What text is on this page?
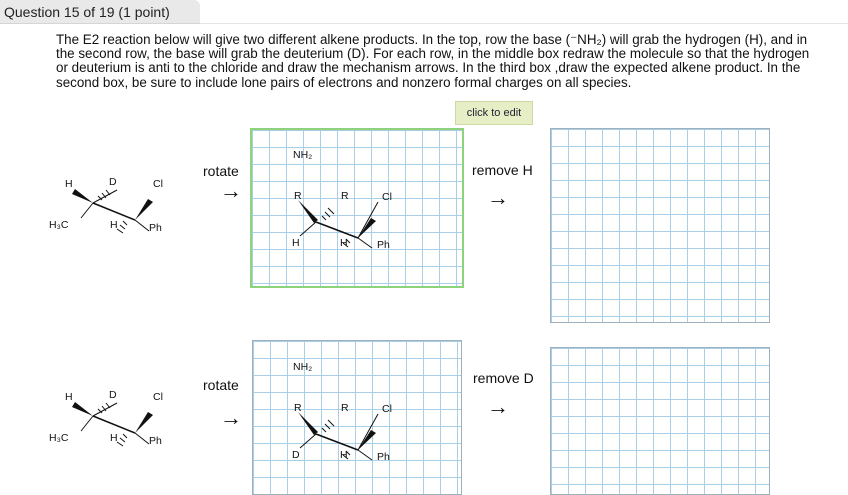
Question 15 of 19 (1 point)

The E2 reaction below will give two different alkene products. In the top, row the base (⁻NH₂) will grab the hydrogen (H), and in the second row, the base will grab the deuterium (D). For each row, in the middle box redraw the molecule so that the hydrogen or deuterium is anti to the chloride and draw the mechanism arrows. In the third box ,draw the expected alkene product. In the second box, be sure to include lone pairs of electrons and nonzero formal charges on all species.

click to edit
H	D	Cl
H₃C	H	Ph
rotate
→
NH₂
R	R	Cl
H	H	Ph
remove H
→
H	D	Cl
H₃C	H	Ph
rotate
→
NH₂
R	R	Cl
D	H	Ph
remove D
→
